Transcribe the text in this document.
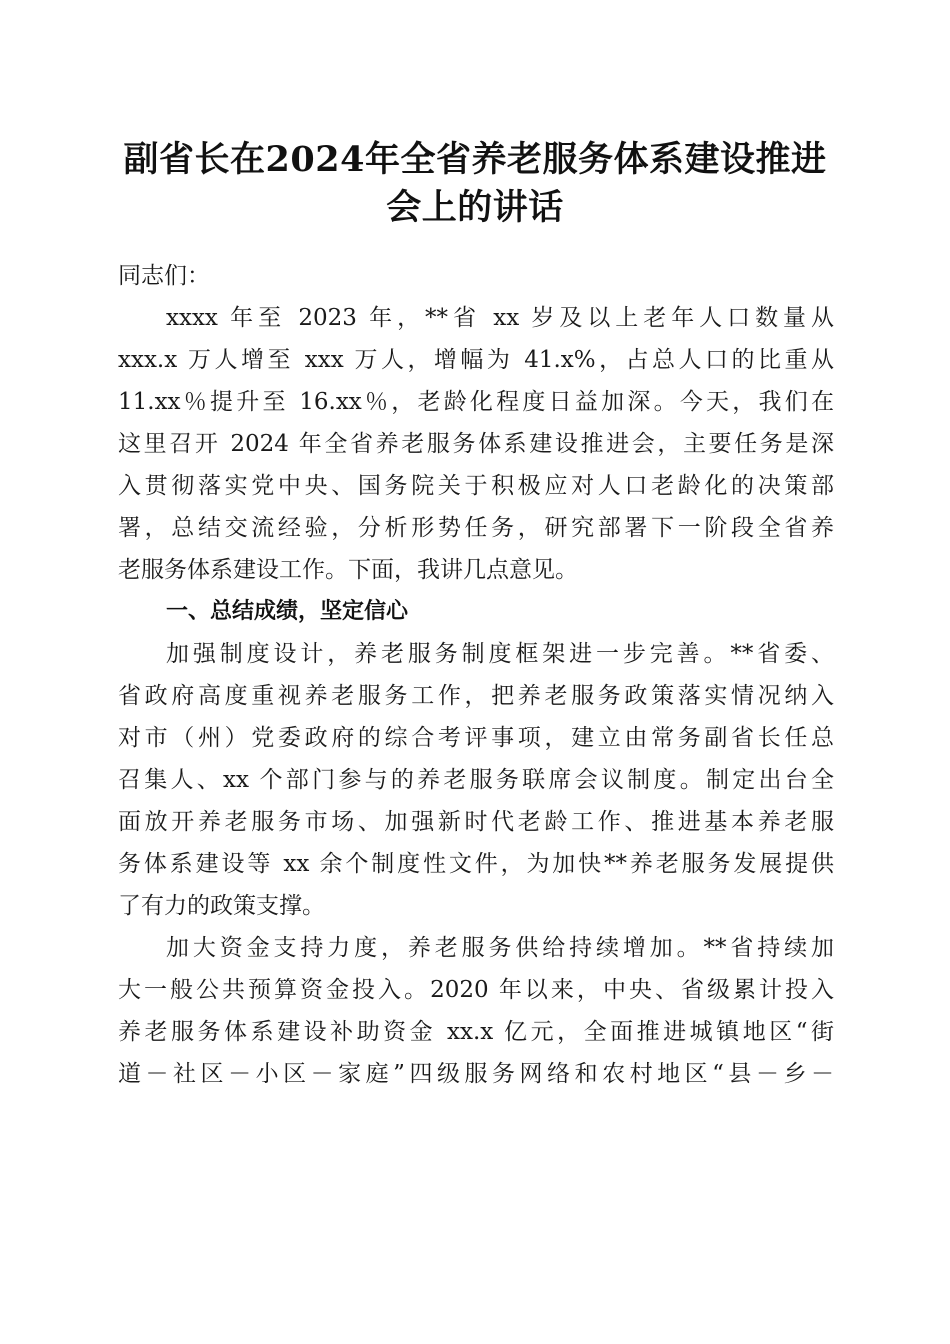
副省长在2024年全省养老服务体系建设推进
会上的讲话
同志们：
xxxx 年至 2023 年，**省 xx 岁及以上老年人口数量从
xxx.x 万人增至 xxx 万人，增幅为 41.x%，占总人口的比重从
11.xx％提升至 16.xx％，老龄化程度日益加深。今天，我们在
这里召开 2024 年全省养老服务体系建设推进会，主要任务是深
入贯彻落实党中央、国务院关于积极应对人口老龄化的决策部
署，总结交流经验，分析形势任务，研究部署下一阶段全省养
老服务体系建设工作。下面，我讲几点意见。
一、总结成绩，坚定信心
加强制度设计，养老服务制度框架进一步完善。**省委、
省政府高度重视养老服务工作，把养老服务政策落实情况纳入
对市（州）党委政府的综合考评事项，建立由常务副省长任总
召集人、xx 个部门参与的养老服务联席会议制度。制定出台全
面放开养老服务市场、加强新时代老龄工作、推进基本养老服
务体系建设等 xx 余个制度性文件，为加快**养老服务发展提供
了有力的政策支撑。
加大资金支持力度，养老服务供给持续增加。**省持续加
大一般公共预算资金投入。2020 年以来，中央、省级累计投入
养老服务体系建设补助资金 xx.x 亿元，全面推进城镇地区“街
道－社区－小区－家庭”四级服务网络和农村地区“县－乡－
